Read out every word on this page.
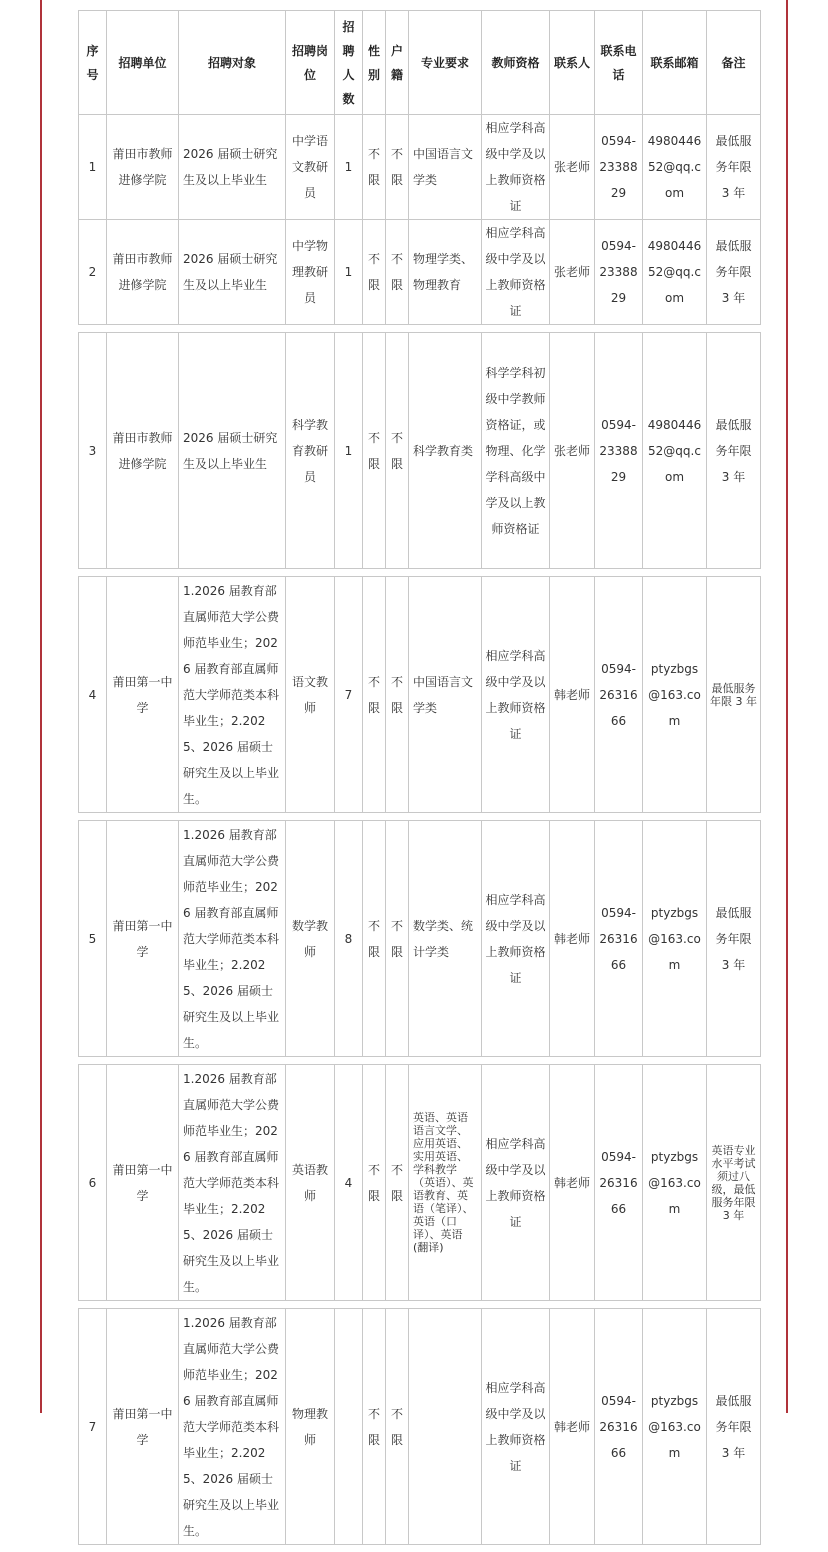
序号	招聘单位	招聘对象	招聘岗位	招聘人数	性别	户籍	专业要求	教师资格	联系人	联系电话	联系邮箱	备注
1	莆田市教师进修学院	2026 届硕士研究生及以上毕业生	中学语文教研员	1	不限	不限	中国语言文学类	相应学科高级中学及以上教师资格证	张老师	0594-23388 29	4980446 52@qq.com	最低服务年限 3 年
2	莆田市教师进修学院	2026 届硕士研究生及以上毕业生	中学物理教研员	1	不限	不限	物理学类、物理教育	相应学科高级中学及以上教师资格证	张老师	0594-23388 29	4980446 52@qq.com	最低服务年限 3 年
3	莆田市教师进修学院	2026 届硕士研究生及以上毕业生	科学教育教研员	1	不限	不限	科学教育类	科学学科初级中学教师资格证，或物理、化学学科高级中学及以上教师资格证	张老师	0594-23388 29	4980446 52@qq.com	最低服务年限 3 年
4	莆田第一中学	1.2026 届教育部直属师范大学公费师范毕业生；2026 届教育部直属师范大学师范类本科毕业生；2.2025、2026 届硕士研究生及以上毕业生。	语文教师	7	不限	不限	中国语言文学类	相应学科高级中学及以上教师资格证	韩老师	0594-26316 66	ptyzbgs @163.com	最低服务年限 3 年
5	莆田第一中学	1.2026 届教育部直属师范大学公费师范毕业生；2026 届教育部直属师范大学师范类本科毕业生；2.2025、2026 届硕士研究生及以上毕业生。	数学教师	8	不限	不限	数学类、统计学类	相应学科高级中学及以上教师资格证	韩老师	0594-26316 66	ptyzbgs @163.com	最低服务年限 3 年
6	莆田第一中学	1.2026 届教育部直属师范大学公费师范毕业生；2026 届教育部直属师范大学师范类本科毕业生；2.2025、2026 届硕士研究生及以上毕业生。	英语教师	4	不限	不限	英语、英语语言文学、应用英语、实用英语、学科教学（英语）、英语教育、英语（笔译）、英语（口译）、英语(翻译)	相应学科高级中学及以上教师资格证	韩老师	0594-26316 66	ptyzbgs @163.com	英语专业水平考试须过八级，最低服务年限 3 年
7	莆田第一中学	1.2026 届教育部直属师范大学公费师范毕业生；2026 届教育部直属师范大学师范类本科毕业生；2.2025、2026 届硕士研究生及以上毕业生。	物理教师		不限	不限		相应学科高级中学及以上教师资格证	韩老师	0594-26316 66	ptyzbgs @163.com	最低服务年限 3 年
